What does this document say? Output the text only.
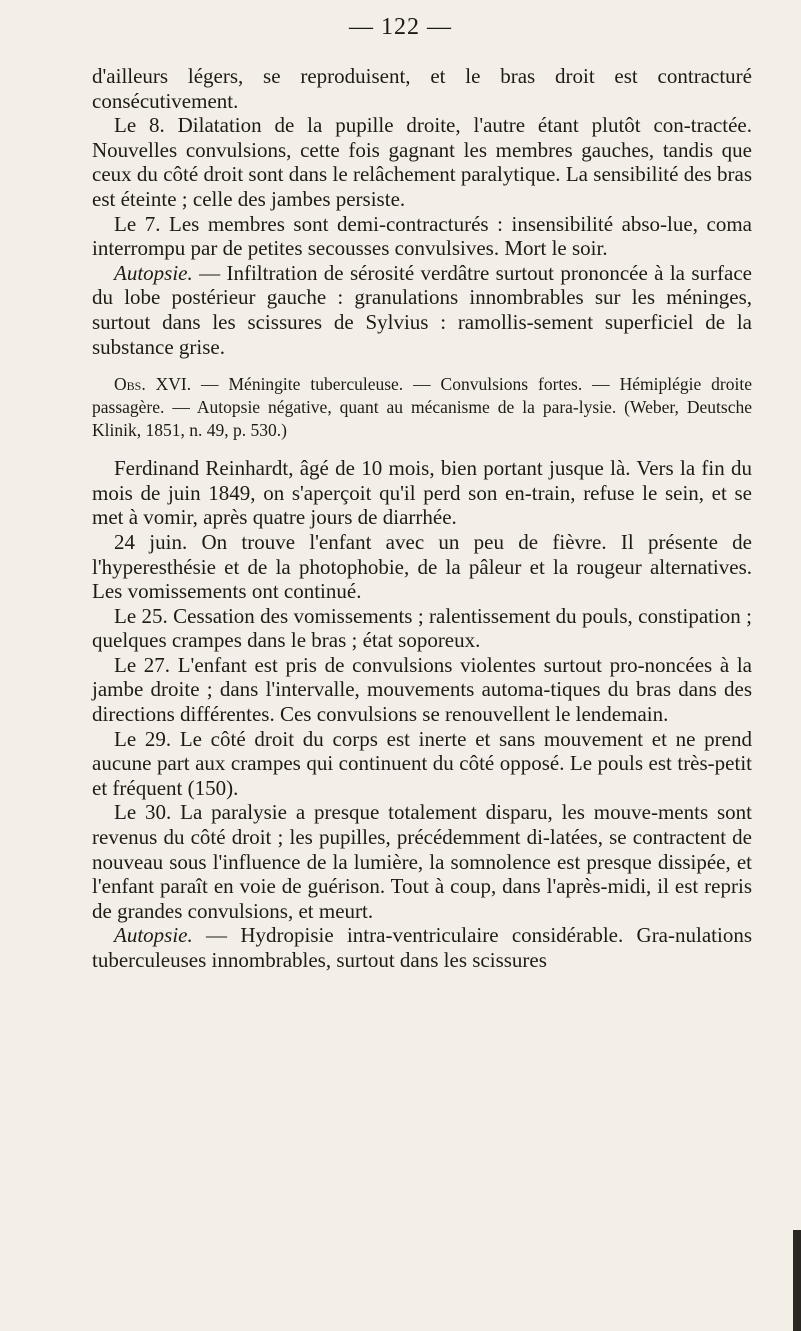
— 122 —

d'ailleurs légers, se reproduisent, et le bras droit est contracturé consécutivement.

Le 8. Dilatation de la pupille droite, l'autre étant plutôt con-tractée. Nouvelles convulsions, cette fois gagnant les membres gauches, tandis que ceux du côté droit sont dans le relâchement paralytique. La sensibilité des bras est éteinte ; celle des jambes persiste.

Le 7. Les membres sont demi-contracturés : insensibilité abso-lue, coma interrompu par de petites secousses convulsives. Mort le soir.

Autopsie. — Infiltration de sérosité verdâtre surtout prononcée à la surface du lobe postérieur gauche : granulations innombrables sur les méninges, surtout dans les scissures de Sylvius : ramollis-sement superficiel de la substance grise.

Obs. XVI. — Méningite tuberculeuse. — Convulsions fortes. — Hémiplégie droite passagère. — Autopsie négative, quant au mécanisme de la para-lysie. (Weber, Deutsche Klinik, 1851, n. 49, p. 530.)

Ferdinand Reinhardt, âgé de 10 mois, bien portant jusque là. Vers la fin du mois de juin 1849, on s'aperçoit qu'il perd son en-train, refuse le sein, et se met à vomir, après quatre jours de diarrhée.

24 juin. On trouve l'enfant avec un peu de fièvre. Il présente de l'hyperesthésie et de la photophobie, de la pâleur et la rougeur alternatives. Les vomissements ont continué.

Le 25. Cessation des vomissements ; ralentissement du pouls, constipation ; quelques crampes dans le bras ; état soporeux.

Le 27. L'enfant est pris de convulsions violentes surtout pro-noncées à la jambe droite ; dans l'intervalle, mouvements automa-tiques du bras dans des directions différentes. Ces convulsions se renouvellent le lendemain.

Le 29. Le côté droit du corps est inerte et sans mouvement et ne prend aucune part aux crampes qui continuent du côté opposé. Le pouls est très-petit et fréquent (150).

Le 30. La paralysie a presque totalement disparu, les mouve-ments sont revenus du côté droit ; les pupilles, précédemment di-latées, se contractent de nouveau sous l'influence de la lumière, la somnolence est presque dissipée, et l'enfant paraît en voie de guérison. Tout à coup, dans l'après-midi, il est repris de grandes convulsions, et meurt.

Autopsie. — Hydropisie intra-ventriculaire considérable. Gra-nulations tuberculeuses innombrables, surtout dans les scissures
